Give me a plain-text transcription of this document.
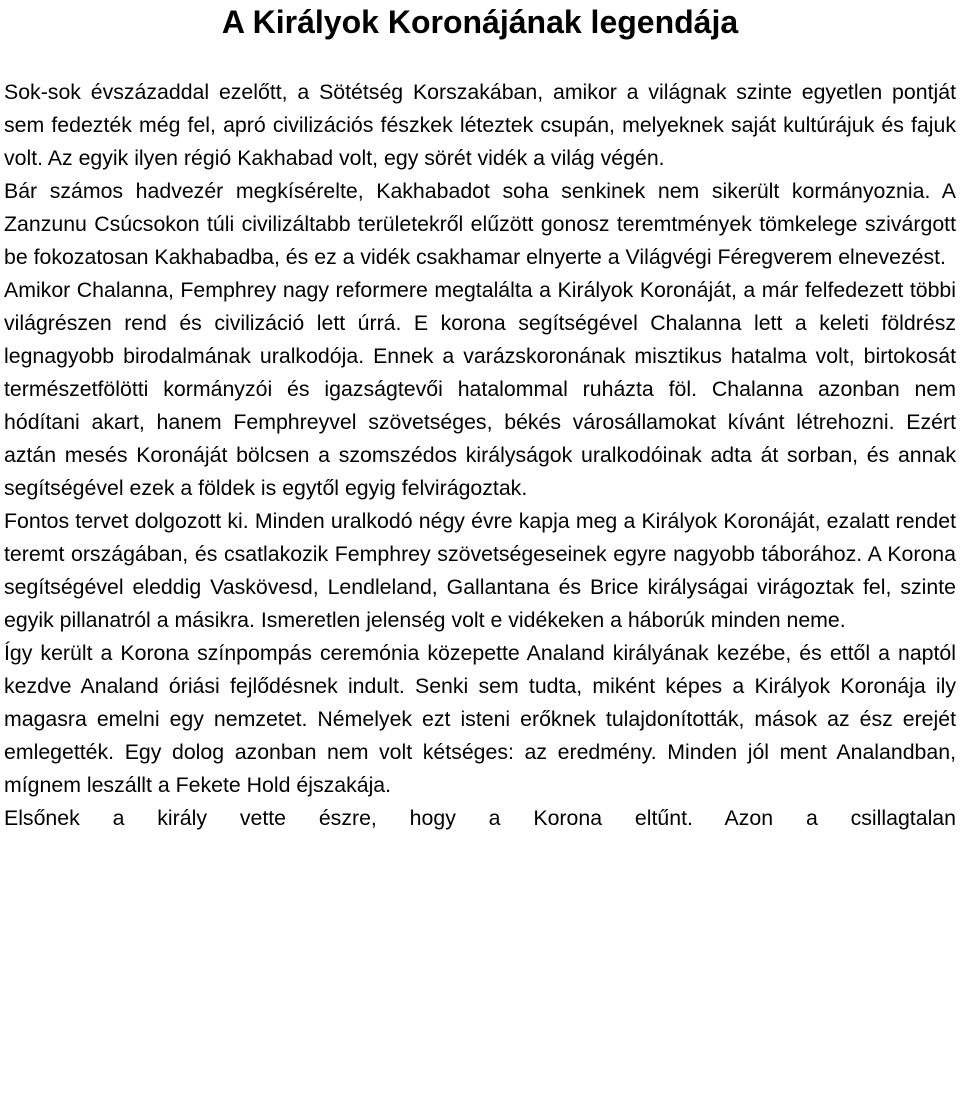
A Királyok Koronájának legendája

Sok-sok évszázaddal ezelőtt, a Sötétség Korszakában, amikor a világnak szinte egyetlen pontját sem fedezték még fel, apró civilizációs fészkek léteztek csupán, melyeknek saját kultúrájuk és fajuk volt. Az egyik ilyen régió Kakhabad volt, egy sörét vidék a világ végén.

Bár számos hadvezér megkísérelte, Kakhabadot soha senkinek nem sikerült kormányoznia. A Zanzunu Csúcsokon túli civilizáltabb területekről elűzött gonosz teremtmények tömkelege szivárgott be fokozatosan Kakhabadba, és ez a vidék csakhamar elnyerte a Világvégi Féregverem elnevezést.

Amikor Chalanna, Femphrey nagy reformere megtalálta a Királyok Koronáját, a már felfedezett többi világrészen rend és civilizáció lett úrrá. E korona segítségével Chalanna lett a keleti földrész legnagyobb birodalmának uralkodója. Ennek a varázskoronának misztikus hatalma volt, birtokosát természetfölötti kormányzói és igazságtevői hatalommal ruházta föl. Chalanna azonban nem hódítani akart, hanem Femphreyvel szövetséges, békés városállamokat kívánt létrehozni. Ezért aztán mesés Koronáját bölcsen a szomszédos királyságok uralkodóinak adta át sorban, és annak segítségével ezek a földek is egytől egyig felvirágoztak.

Fontos tervet dolgozott ki. Minden uralkodó négy évre kapja meg a Királyok Koronáját, ezalatt rendet teremt országában, és csatlakozik Femphrey szövetségeseinek egyre nagyobb táborához. A Korona segítségével eleddig Vaskövesd, Lendleland, Gallantana és Brice királyságai virágoztak fel, szinte egyik pillanatról a másikra. Ismeretlen jelenség volt e vidékeken a háborúk minden neme.

Így került a Korona színpompás ceremónia közepette Analand királyának kezébe, és ettől a naptól kezdve Analand óriási fejlődésnek indult. Senki sem tudta, miként képes a Királyok Koronája ily magasra emelni egy nemzetet. Némelyek ezt isteni erőknek tulajdonították, mások az ész erejét emlegették. Egy dolog azonban nem volt kétséges: az eredmény. Minden jól ment Analandban, mígnem leszállt a Fekete Hold éjszakája.

Elsőnek a király vette észre, hogy a Korona eltűnt. Azon a csillagtalan
